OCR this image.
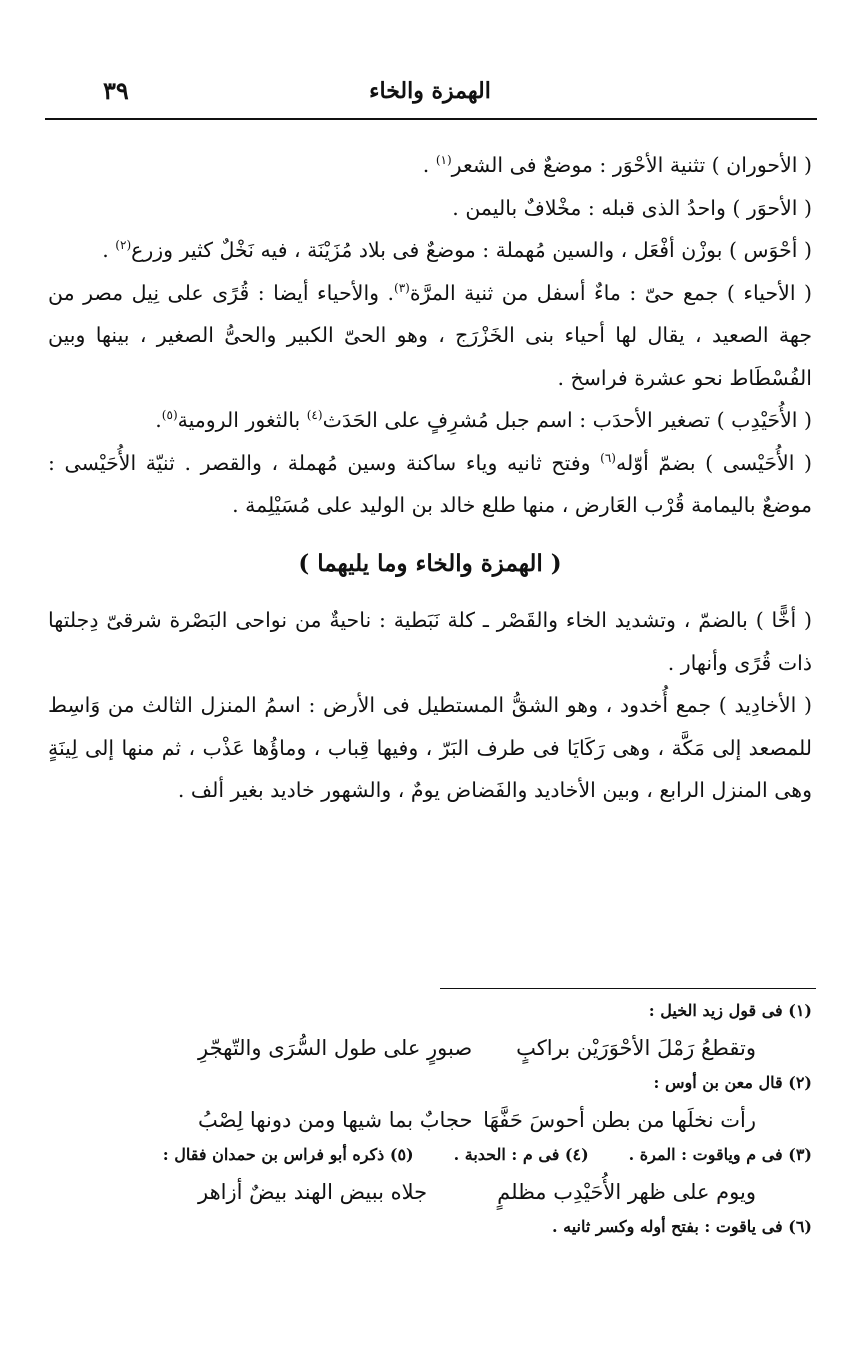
الهمزة والخاء
٣٩

( الأحوران ) تثنية الأحْوَر : موضعٌ فى الشعر$^{(١)}$ .

( الأحوَر ) واحدُ الذى قبله : مخْلافٌ باليمن .

( أحْوَس ) بوزْن أفْعَل ، والسين مُهملة : موضعٌ فى بلاد مُزَيْنَة ، فيه نَخْلٌ كثير وزرع$^{(٢)}$ .

( الأحياء ) جمع حىّ : ماءٌ أسفل من ثنية المرَّة$^{(٣)}$. والأحياء أيضا : قُرًى على نِيل مصر من جهة الصعيد ، يقال لها أحياء بنى الخَزْرَج ، وهو الحىّ الكبير والحىُّ الصغير ، بينها وبين الفُسْطَاط نحو عشرة فراسخ .

( الأُحَيْدِب ) تصغير الأحدَب : اسم جبل مُشرِفٍ على الحَدَث$^{(٤)}$ بالثغور الرومية$^{(٥)}$.

( الأُحَيْسى ) بضمّ أوّله$^{(٦)}$ وفتح ثانيه وياء ساكنة وسين مُهملة ، والقصر . ثنيّة الأُحَيْسى : موضعٌ باليمامة قُرْب العَارض ، منها طلع خالد بن الوليد على مُسَيْلِمة .

( الهمزة والخاء وما يليهما )

( أخًّا ) بالضمّ ، وتشديد الخاء والقَصْر ـ كلة نَبَطية : ناحيةٌ من نواحى البَصْرة شرقىّ دِجلتها ذات قُرًى وأنهار .

( الأخادِيد ) جمع أُخدود ، وهو الشقُّ المستطيل فى الأرض : اسمُ المنزل الثالث من وَاسِط للمصعد إلى مَكَّة ، وهى رَكَايَا فى طرف البَرّ ، وفيها قِباب ، وماؤُها عَذْب ، ثم منها إلى لِينَةٍ وهى المنزل الرابع ، وبين الأخاديد والفَضاض يومٌ ، والشهور خاديد بغير ألف .

(١) فى قول زيد الخيل :
وتقطعُ رَمْلَ الأحْوَرَيْن براكبٍ
صبورٍ على طول السُّرَى والتّهجّرِ
(٢) قال معن بن أوس :
رأت نخلَها من بطن أحوسَ حَفَّهَا
حجابٌ بما شيها ومن دونها لِصْبُ
(٣) فى م وياقوت : المرة .
(٤) فى م : الحدبة .
(٥) ذكره أبو فراس بن حمدان فقال :
ويوم على ظهر الأُحَيْدِب مظلمٍ
جلاه ببيض الهند بيضٌ أزاهر
(٦) فى ياقوت : بفتح أوله وكسر ثانيه .
